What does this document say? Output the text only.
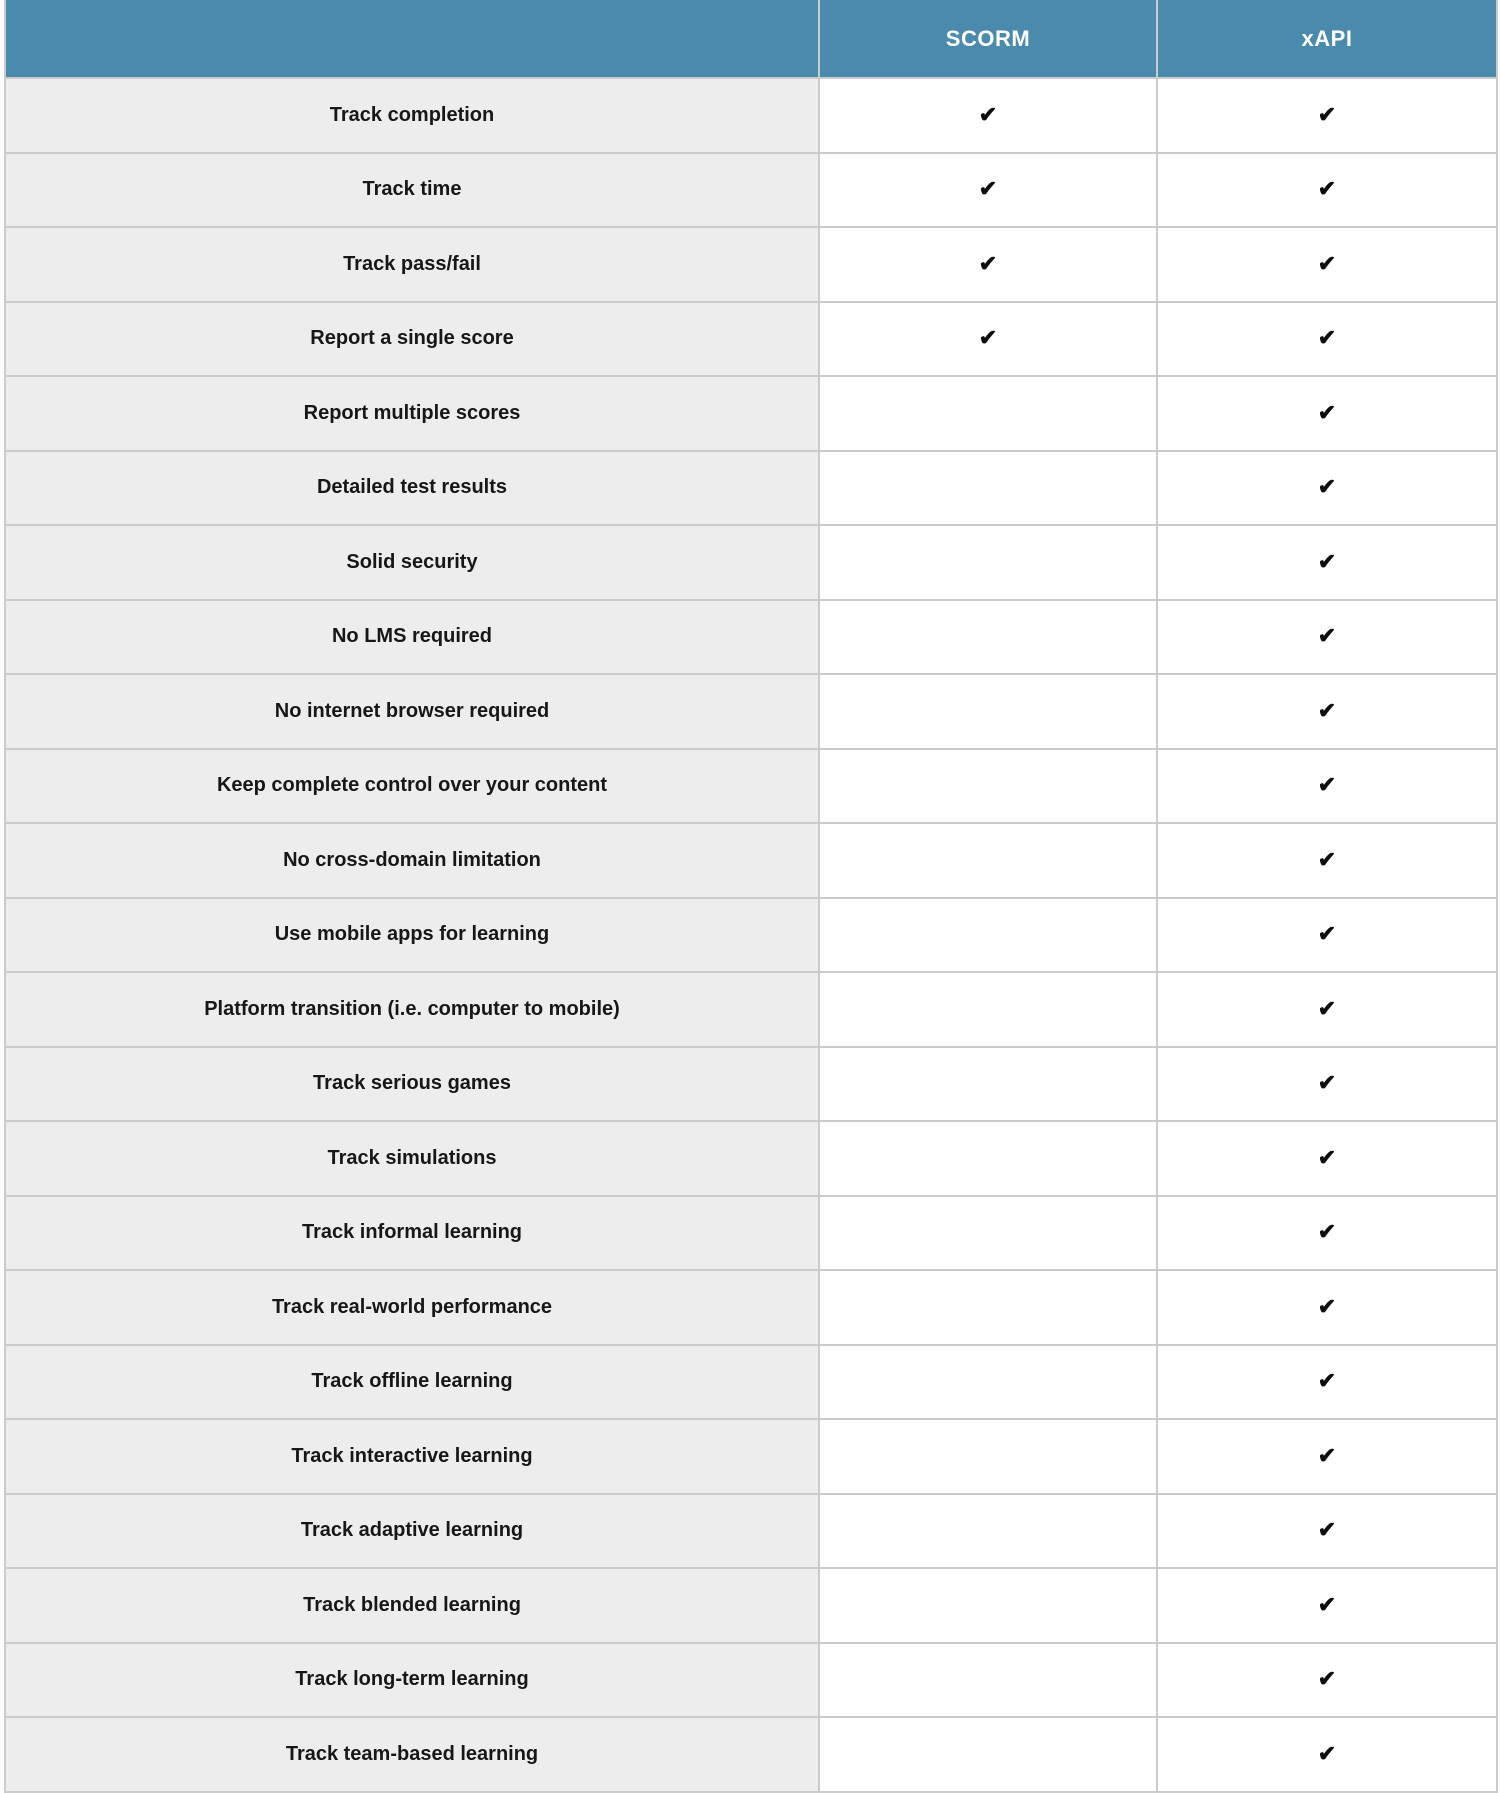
	SCORM	xAPI
Track completion	✔	✔
Track time	✔	✔
Track pass/fail	✔	✔
Report a single score	✔	✔
Report multiple scores		✔
Detailed test results		✔
Solid security		✔
No LMS required		✔
No internet browser required		✔
Keep complete control over your content		✔
No cross-domain limitation		✔
Use mobile apps for learning		✔
Platform transition (i.e. computer to mobile)		✔
Track serious games		✔
Track simulations		✔
Track informal learning		✔
Track real-world performance		✔
Track offline learning		✔
Track interactive learning		✔
Track adaptive learning		✔
Track blended learning		✔
Track long-term learning		✔
Track team-based learning		✔
